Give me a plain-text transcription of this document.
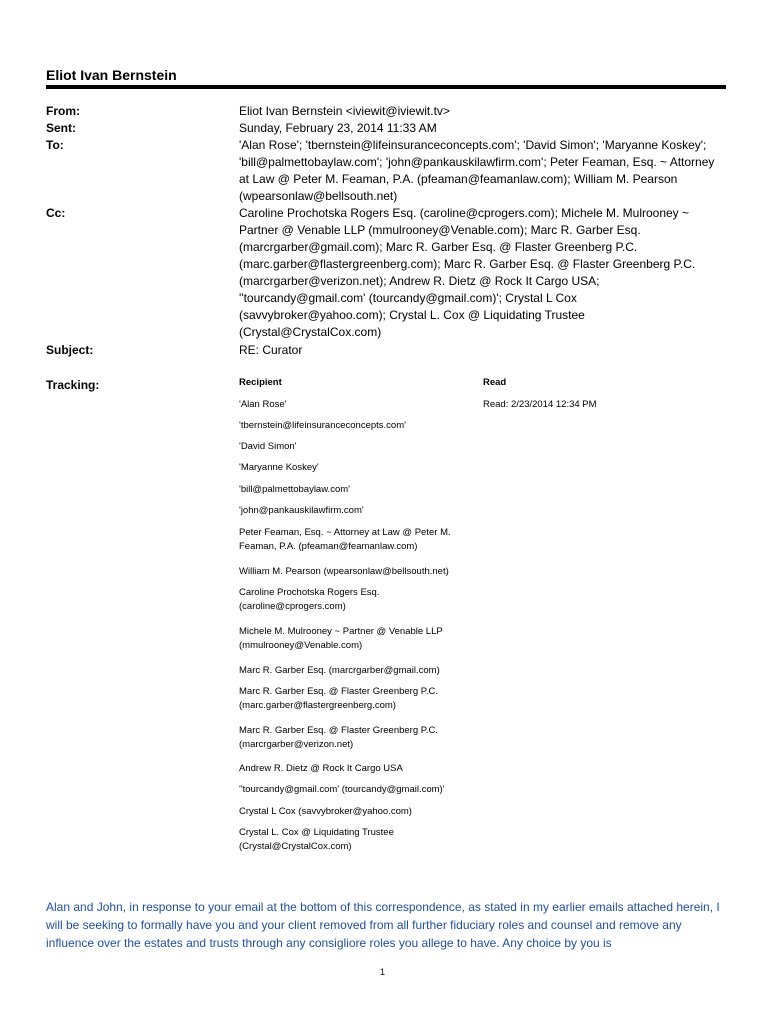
Eliot Ivan Bernstein
From:
Sent:
To:
Cc:
Subject:
Tracking:
Eliot Ivan Bernstein <iviewit@iviewit.tv>
Sunday, February 23, 2014 11:33 AM
'Alan Rose'; 'tbernstein@lifeinsuranceconcepts.com'; 'David Simon'; 'Maryanne Koskey'; 'bill@palmettobaylaw.com'; 'john@pankauskilawfirm.com'; Peter Feaman, Esq. ~ Attorney at Law @ Peter M. Feaman, P.A. (pfeaman@feamanlaw.com); William M. Pearson (wpearsonlaw@bellsouth.net)
Caroline Prochotska Rogers Esq. (caroline@cprogers.com); Michele M. Mulrooney ~ Partner @ Venable LLP (mmulrooney@Venable.com); Marc R. Garber Esq. (marcrgarber@gmail.com); Marc R. Garber Esq. @ Flaster Greenberg P.C. (marc.garber@flastergreenberg.com); Marc R. Garber Esq. @ Flaster Greenberg P.C. (marcrgarber@verizon.net); Andrew R. Dietz @ Rock It Cargo USA; ''tourcandy@gmail.com' (tourcandy@gmail.com)'; Crystal L Cox (savvybroker@yahoo.com); Crystal L. Cox @ Liquidating Trustee (Crystal@CrystalCox.com)
RE: Curator
Recipient	Read
'Alan Rose'	Read: 2/23/2014 12:34 PM
'tbernstein@lifeinsuranceconcepts.com'
'David Simon'
'Maryanne Koskey'
'bill@palmettobaylaw.com'
'john@pankauskilawfirm.com'
Peter Feaman, Esq. ~ Attorney at Law @ Peter M. Feaman, P.A. (pfeaman@feamanlaw.com)
William M. Pearson (wpearsonlaw@bellsouth.net)
Caroline Prochotska Rogers Esq. (caroline@cprogers.com)
Michele M. Mulrooney ~ Partner @ Venable LLP (mmulrooney@Venable.com)
Marc R. Garber Esq. (marcrgarber@gmail.com)
Marc R. Garber Esq. @ Flaster Greenberg P.C. (marc.garber@flastergreenberg.com)
Marc R. Garber Esq. @ Flaster Greenberg P.C. (marcrgarber@verizon.net)
Andrew R. Dietz @ Rock It Cargo USA
''tourcandy@gmail.com' (tourcandy@gmail.com)'
Crystal L Cox (savvybroker@yahoo.com)
Crystal L. Cox @ Liquidating Trustee (Crystal@CrystalCox.com)
Alan and John, in response to your email at the bottom of this correspondence, as stated in my earlier emails attached herein, I will be seeking to formally have you and your client removed from all further fiduciary roles and counsel and remove any influence over the estates and trusts through any consigliore roles you allege to have. Any choice by you is
1
